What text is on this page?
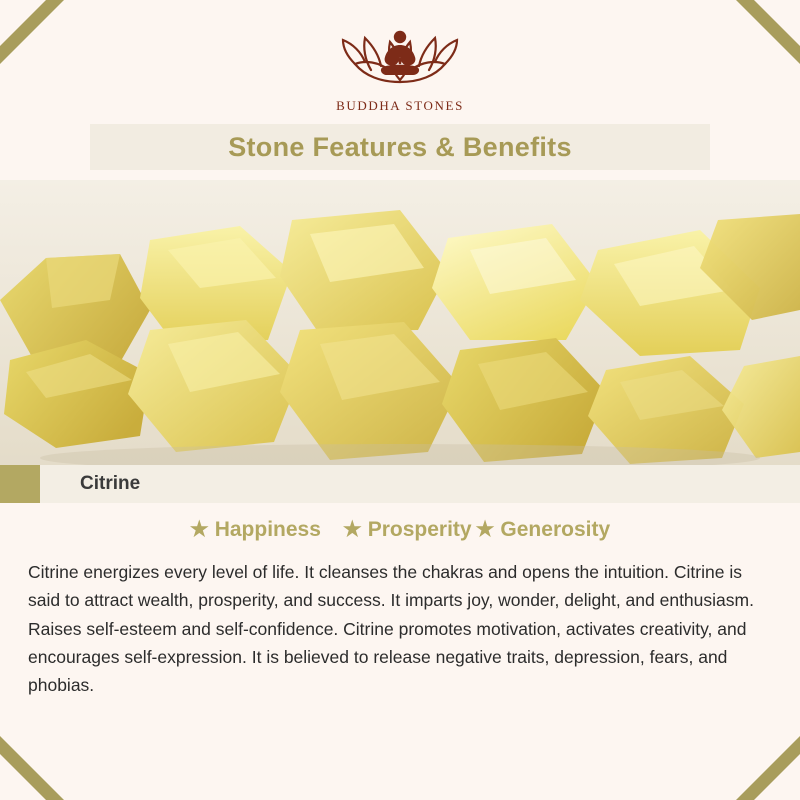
BUDDHA STONES
Stone Features & Benefits
Citrine
★ Happiness ★ Prosperity ★ Generosity

Citrine energizes every level of life. It cleanses the chakras and opens the intuition. Citrine is said to attract wealth, prosperity, and success. It imparts joy, wonder, delight, and enthusiasm. Raises self-esteem and self-confidence. Citrine promotes motivation, activates creativity, and encourages self-expression. It is believed to release negative traits, depression, fears, and phobias.
